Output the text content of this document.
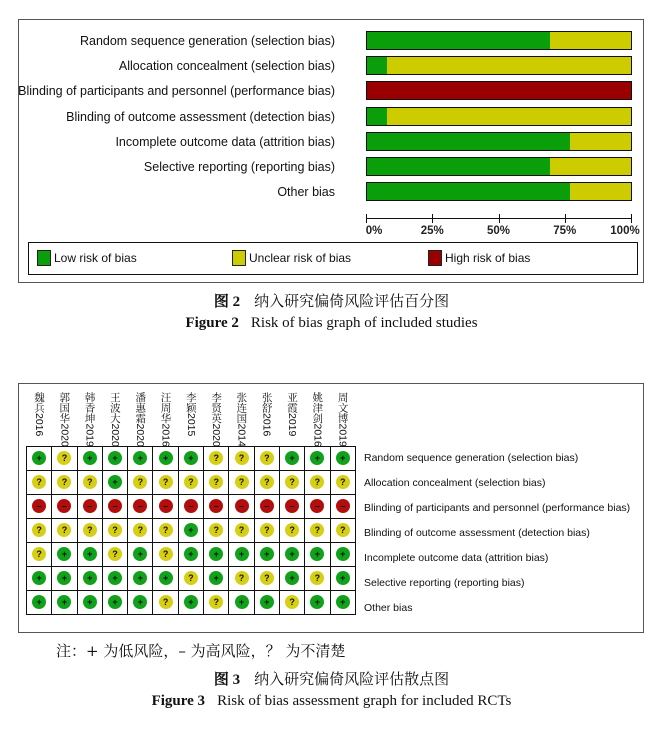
Random sequence generation (selection bias)
Allocation concealment (selection bias)
Blinding of participants and personnel (performance bias)
Blinding of outcome assessment (detection bias)
Incomplete outcome data (attrition bias)
Selective reporting (reporting bias)
Other bias
0%	25%	50%	75%	100%
Low risk of bias	Unclear risk of bias	High risk of bias
图 2 纳入研究偏倚风险评估百分图
Figure 2 Risk of bias graph of included studies
魏兵2016	郭国华2020	韩香坤2019	王波大2020	潘惠霜2020	汪周华2016	李颖2015	李贤英2020	张连国2014	张舒2016	亚霞2019	姚津剑2016	周文博2019
+	?	+	+	+	+	+	?	?	?	+	+	+
?	?	?	+	?	?	?	?	?	?	?	?	?
–	–	–	–	–	–	–	–	–	–	–	–	–
?	?	?	?	?	?	+	?	?	?	?	?	?
?	+	+	?	+	?	+	+	+	+	+	+	+
+	+	+	+	+	+	?	+	?	?	+	?	+
+	+	+	+	+	?	+	?	+	+	?	+	+
Random sequence generation (selection bias)
Allocation concealment (selection bias)
Blinding of participants and personnel (performance bias)
Blinding of outcome assessment (detection bias)
Incomplete outcome data (attrition bias)
Selective reporting (reporting bias)
Other bias
注：+ 为低风险，– 为高风险，？ 为不清楚
图 3 纳入研究偏倚风险评估散点图
Figure 3 Risk of bias assessment graph for included RCTs
